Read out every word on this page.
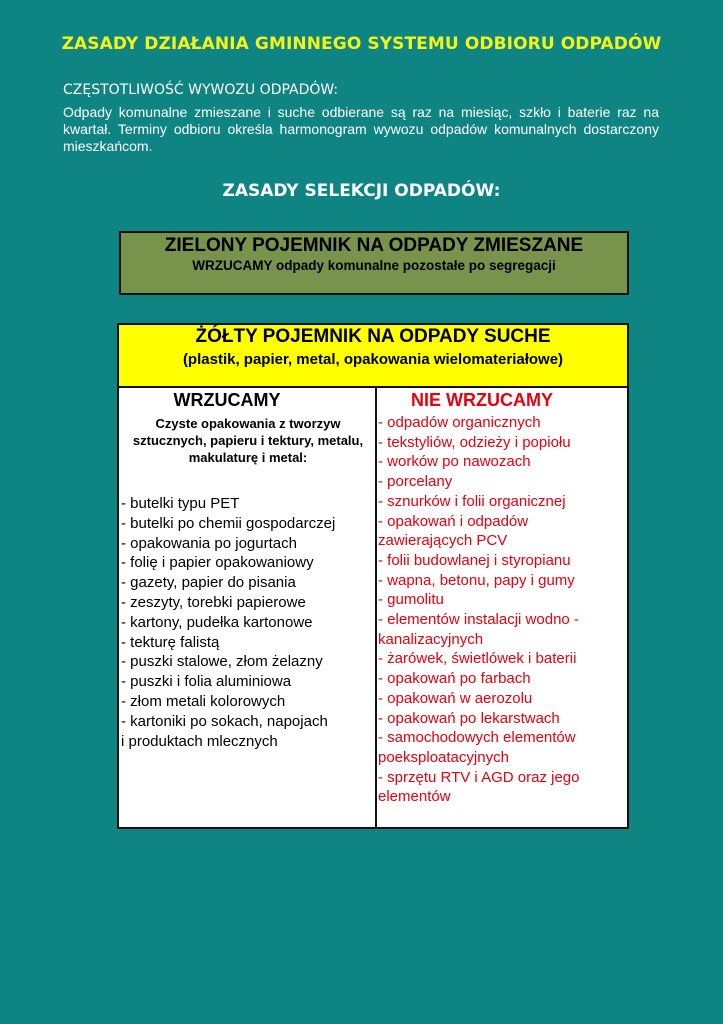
ZASADY DZIAŁANIA GMINNEGO SYSTEMU ODBIORU ODPADÓW
CZĘSTOTLIWOŚĆ WYWOZU ODPADÓW:
Odpady komunalne zmieszane i suche odbierane są raz na miesiąc, szkło i baterie raz na kwartał. Terminy odbioru określa harmonogram wywozu odpadów komunalnych dostarczony mieszkańcom.
ZASADY SELEKCJI ODPADÓW:
ZIELONY POJEMNIK NA ODPADY ZMIESZANE
WRZUCAMY odpady komunalne pozostałe po segregacji
ŻÓŁTY POJEMNIK NA ODPADY SUCHE
(plastik, papier, metal, opakowania wielomateriałowe)
WRZUCAMY
Czyste opakowania z tworzyw sztucznych, papieru i tektury, metalu, makulaturę i metal:
- butelki typu PET
- butelki po chemii gospodarczej
- opakowania po jogurtach
- folię i papier opakowaniowy
- gazety, papier do pisania
- zeszyty, torebki papierowe
- kartony, pudełka kartonowe
- tekturę falistą
- puszki stalowe, złom żelazny
- puszki i folia aluminiowa
- złom metali kolorowych
- kartoniki po sokach, napojach
i produktach mlecznych
NIE WRZUCAMY
- odpadów organicznych
- tekstyliów, odzieży i popiołu
- worków po nawozach
- porcelany
- sznurków i folii organicznej
- opakowań i odpadów
zawierających PCV
- folii budowlanej i styropianu
- wapna, betonu, papy i gumy
- gumolitu
- elementów instalacji wodno -
kanalizacyjnych
- żarówek, świetlówek i baterii
- opakowań po farbach
- opakowań w aerozolu
- opakowań po lekarstwach
- samochodowych elementów
poeksploatacyjnych
- sprzętu RTV i AGD oraz jego
elementów
